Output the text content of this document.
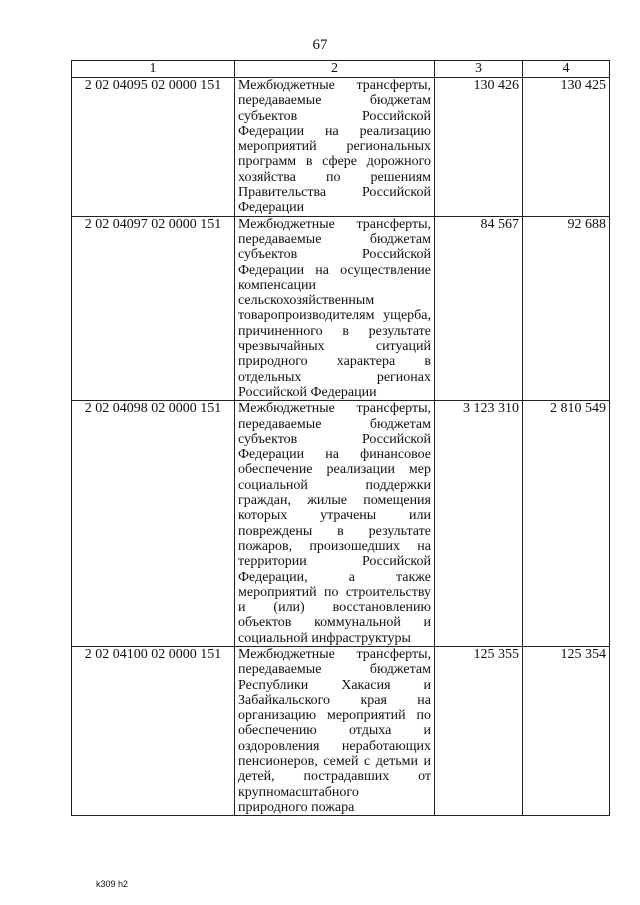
67
1	2	3	4
2 02 04095 02 0000 151	Межбюджетные трансферты, передаваемые бюджетам субъектов Российской Федерации на реализацию мероприятий региональных программ в сфере дорожного хозяйства по решениям Правительства Российской Федерации	130 426	130 425
2 02 04097 02 0000 151	Межбюджетные трансферты, передаваемые бюджетам субъектов Российской Федерации на осуществление компенсации сельскохозяйственным товаропроизводителям ущерба, причиненного в результате чрезвычайных ситуаций природного характера в отдельных регионах Российской Федерации	84 567	92 688
2 02 04098 02 0000 151	Межбюджетные трансферты, передаваемые бюджетам субъектов Российской Федерации на финансовое обеспечение реализации мер социальной поддержки граждан, жилые помещения которых утрачены или повреждены в результате пожаров, произошедших на территории Российской Федерации, а также мероприятий по строительству и (или) восстановлению объектов коммунальной и социальной инфраструктуры	3 123 310	2 810 549
2 02 04100 02 0000 151	Межбюджетные трансферты, передаваемые бюджетам Республики Хакасия и Забайкальского края на организацию мероприятий по обеспечению отдыха и оздоровления неработающих пенсионеров, семей с детьми и детей, пострадавших от крупномасштабного природного пожара	125 355	125 354
k309 h2
